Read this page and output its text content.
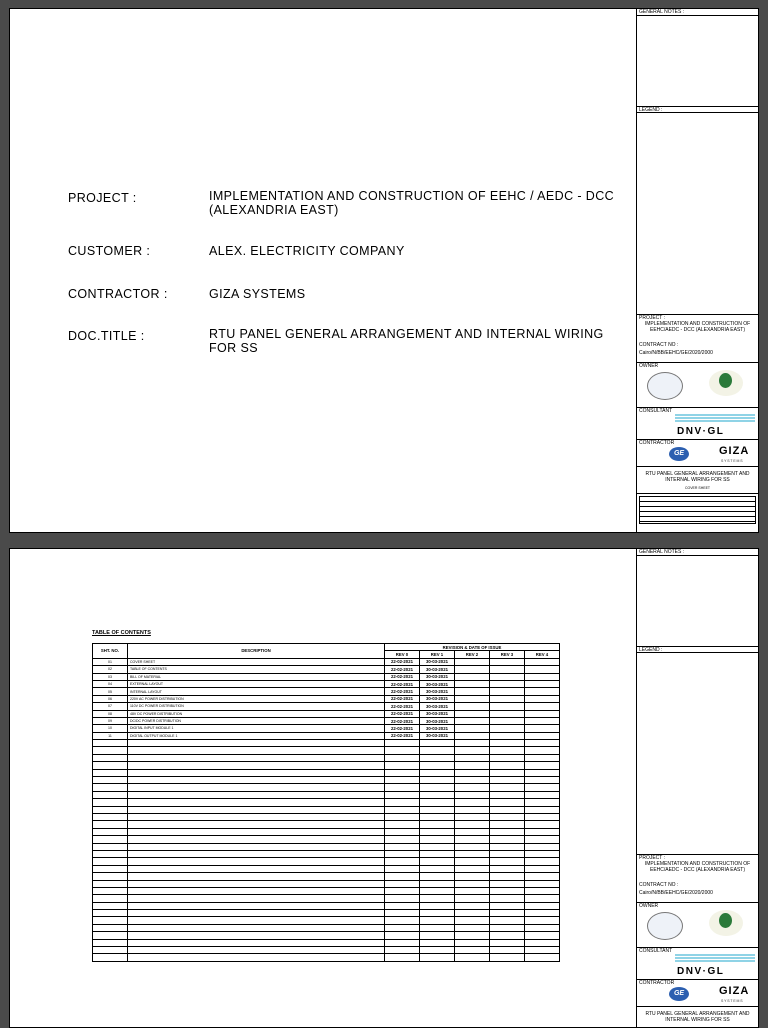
PROJECT :	IMPLEMENTATION AND CONSTRUCTION OF EEHC / AEDC - DCC (ALEXANDRIA EAST)
CUSTOMER :	ALEX. ELECTRICITY COMPANY
CONTRACTOR :	GIZA SYSTEMS
DOC.TITLE :	RTU PANEL GENERAL ARRANGEMENT AND INTERNAL WIRING FOR SS
GENERAL NOTES :
LEGEND :
PROJECT :
IMPLEMENTATION AND CONSTRUCTION OF EEHC/AEDC - DCC (ALEXANDRIA EAST)
CONTRACT NO :
Cairo/N/BB/EEHC/GE/2020/2000
OWNER
CONSULTANT
DNV·GL
CONTRACTOR
GE	GIZA
SYSTEMS
RTU PANEL GENERAL ARRANGEMENT AND INTERNAL WIRING FOR SS
COVER SHEET
TABLE OF CONTENTS
SHT. NO.	DESCRIPTION	REVISION & DATE OF ISSUE				
		REV 0	REV 1	REV 2	REV 3	REV 4
01	COVER SHEET	22-02-2021	30-03-2021			
02	TABLE OF CONTENTS	22-02-2021	30-03-2021			
03	BILL OF MATERIAL	22-02-2021	30-03-2021			
04	EXTERNAL LAYOUT	22-02-2021	30-03-2021			
05	INTERNAL LAYOUT	22-02-2021	30-03-2021			
06	220V AC POWER DISTRIBUTION	22-02-2021	30-03-2021			
07	110V DC POWER DISTRIBUTION	22-02-2021	30-03-2021			
08	48V DC POWER DISTRIBUTION	22-02-2021	30-03-2021			
09	DC/DC POWER DISTRIBUTION	22-02-2021	30-03-2021			
10	DIGITAL INPUT MODULE 1	22-02-2021	30-03-2021			
11	DIGITAL OUTPUT MODULE 1	22-02-2021	30-03-2021			

GENERAL NOTES :
LEGEND :
PROJECT :
IMPLEMENTATION AND CONSTRUCTION OF EEHC/AEDC - DCC (ALEXANDRIA EAST)
CONTRACT NO :
Cairo/N/BB/EEHC/GE/2020/2000
OWNER
CONSULTANT
DNV·GL
CONTRACTOR
GE	GIZA
SYSTEMS
RTU PANEL GENERAL ARRANGEMENT AND INTERNAL WIRING FOR SS
